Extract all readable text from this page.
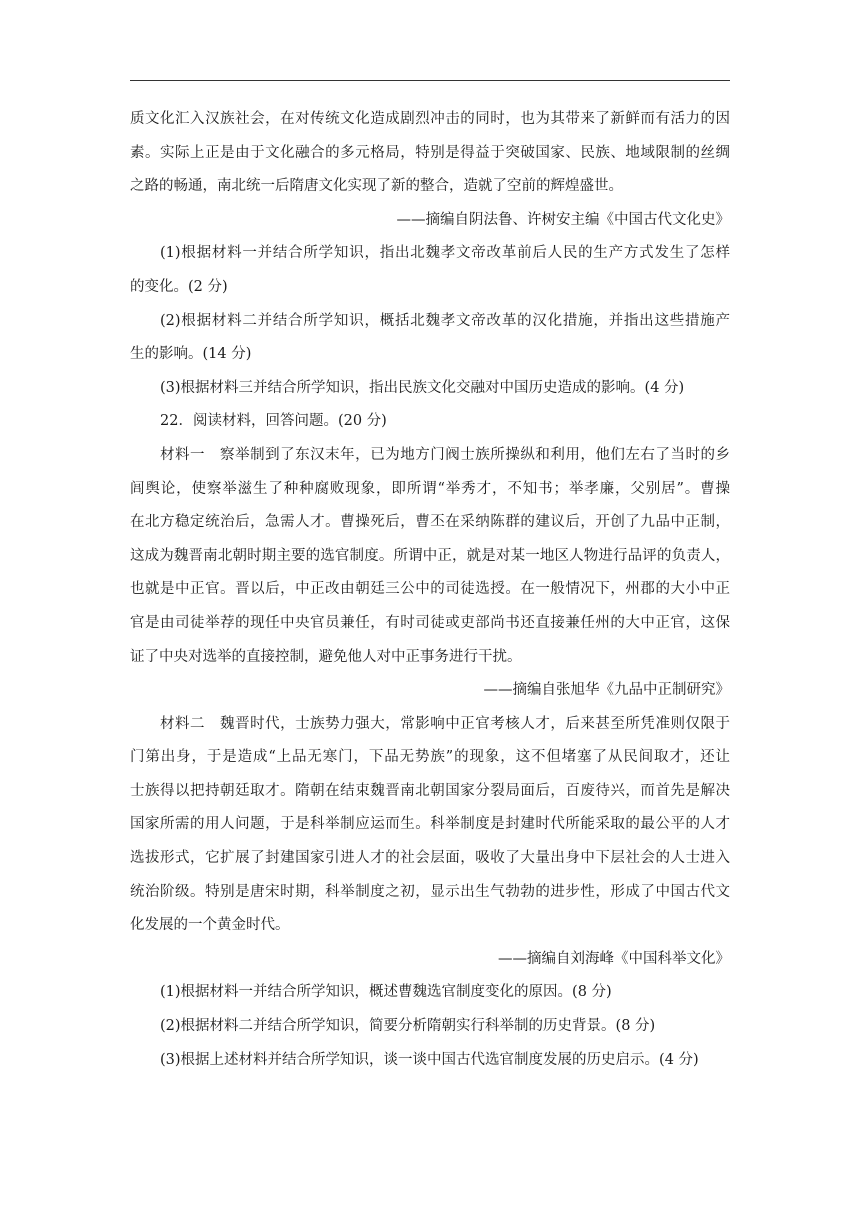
质文化汇入汉族社会，在对传统文化造成剧烈冲击的同时，也为其带来了新鲜而有活力的因
素。实际上正是由于文化融合的多元格局，特别是得益于突破国家、民族、地域限制的丝绸
之路的畅通，南北统一后隋唐文化实现了新的整合，造就了空前的辉煌盛世。
——摘编自阴法鲁、许树安主编《中国古代文化史》
(1)根据材料一并结合所学知识，指出北魏孝文帝改革前后人民的生产方式发生了怎样
的变化。(2 分)
(2)根据材料二并结合所学知识，概括北魏孝文帝改革的汉化措施，并指出这些措施产
生的影响。(14 分)
(3)根据材料三并结合所学知识，指出民族文化交融对中国历史造成的影响。(4 分)
22．阅读材料，回答问题。(20 分)
材料一　察举制到了东汉末年，已为地方门阀士族所操纵和利用，他们左右了当时的乡
闾舆论，使察举滋生了种种腐败现象，即所谓“举秀才，不知书；举孝廉，父别居”。曹操
在北方稳定统治后，急需人才。曹操死后，曹丕在采纳陈群的建议后，开创了九品中正制，
这成为魏晋南北朝时期主要的选官制度。所谓中正，就是对某一地区人物进行品评的负责人，
也就是中正官。晋以后，中正改由朝廷三公中的司徒选授。在一般情况下，州郡的大小中正
官是由司徒举荐的现任中央官员兼任，有时司徒或吏部尚书还直接兼任州的大中正官，这保
证了中央对选举的直接控制，避免他人对中正事务进行干扰。
——摘编自张旭华《九品中正制研究》
材料二　魏晋时代，士族势力强大，常影响中正官考核人才，后来甚至所凭准则仅限于
门第出身，于是造成“上品无寒门，下品无势族”的现象，这不但堵塞了从民间取才，还让
士族得以把持朝廷取才。隋朝在结束魏晋南北朝国家分裂局面后，百废待兴，而首先是解决
国家所需的用人问题，于是科举制应运而生。科举制度是封建时代所能采取的最公平的人才
选拔形式，它扩展了封建国家引进人才的社会层面，吸收了大量出身中下层社会的人士进入
统治阶级。特别是唐宋时期，科举制度之初，显示出生气勃勃的进步性，形成了中国古代文
化发展的一个黄金时代。
——摘编自刘海峰《中国科举文化》
(1)根据材料一并结合所学知识，概述曹魏选官制度变化的原因。(8 分)
(2)根据材料二并结合所学知识，简要分析隋朝实行科举制的历史背景。(8 分)
(3)根据上述材料并结合所学知识，谈一谈中国古代选官制度发展的历史启示。(4 分)
